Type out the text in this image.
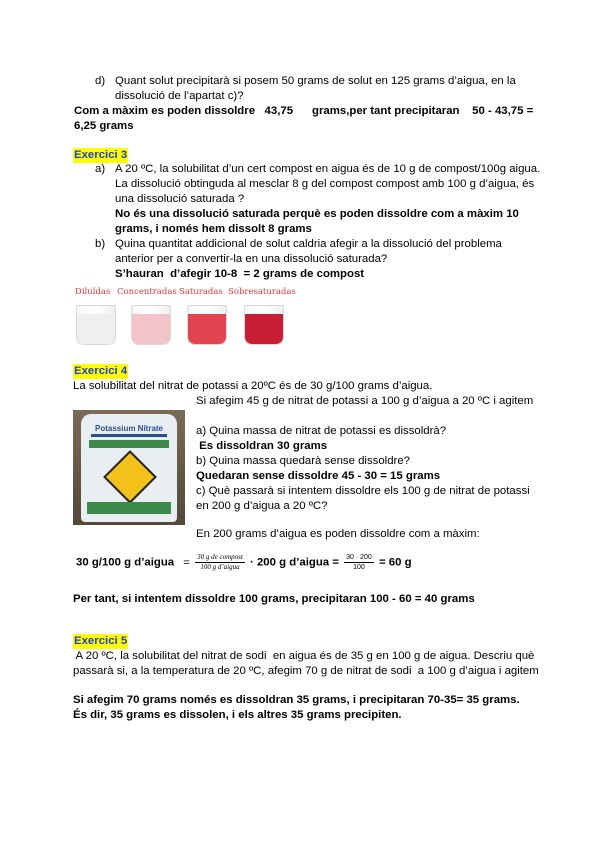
d) Quant solut precipitarà si posem 50 grams de solut en 125 grams d’aigua, en la
dissolució de l’apartat c)?
Com a màxim es poden dissoldre   43,75      grams,per tant precipitaran    50 - 43,75 =
6,25 grams
Exercici 3
a) A 20 ºC, la solubilitat d’un cert compost en aigua és de 10 g de compost/100g aigua.
La dissolució obtinguda al mesclar 8 g del compost compost amb 100 g d’aigua, és
una dissolució saturada ?
No és una dissolució saturada perquè es poden dissoldre com a màxim 10
grams, i només hem dissolt 8 grams
b) Quina quantitat addicional de solut caldria afegir a la dissolució del problema
anterior per a convertir-la en una dissolució saturada?
S’hauran  d’afegir 10-8  = 2 grams de compost
Diluïdas Concentradas Saturadas Sobresaturadas
Exercici 4
La solubilitat del nitrat de potassi a 20ºC és de 30 g/100 grams d’aigua.
Si afegim 45 g de nitrat de potassi a 100 g d’aigua a 20 ºC i agitem
Potassium Nitrate	a) Quina massa de nitrat de potassi es dissoldrà?
Es dissoldran 30 grams
b) Quina massa quedarà sense dissoldre?
Quedaran sense dissoldre 45 - 30 = 15 grams
c) Què passarà si intentem dissoldre els 100 g de nitrat de potassi
en 200 g d’aigua a 20 ºC?
En 200 grams d’aigua es poden dissoldre com a màxim:
30 g/100 g d’aigua = $\frac{\text{30 g de compost}}{\text{100 g d’aigua}} \cdot 200$ g d’aigua = $\frac{30 \cdot 200}{100} = 60$ g
Per tant, si intentem dissoldre 100 grams, precipitaran 100 - 60 = 40 grams
Exercici 5
A 20 ºC, la solubilitat del nitrat de sodi  en aigua és de 35 g en 100 g de aigua. Descriu què
passarà si, a la temperatura de 20 ºC, afegim 70 g de nitrat de sodi  a 100 g d’aigua i agitem
Si afegim 70 grams només es dissoldran 35 grams, i precipitaran 70-35= 35 grams.
És dir, 35 grams es dissolen, i els altres 35 grams precipiten.
